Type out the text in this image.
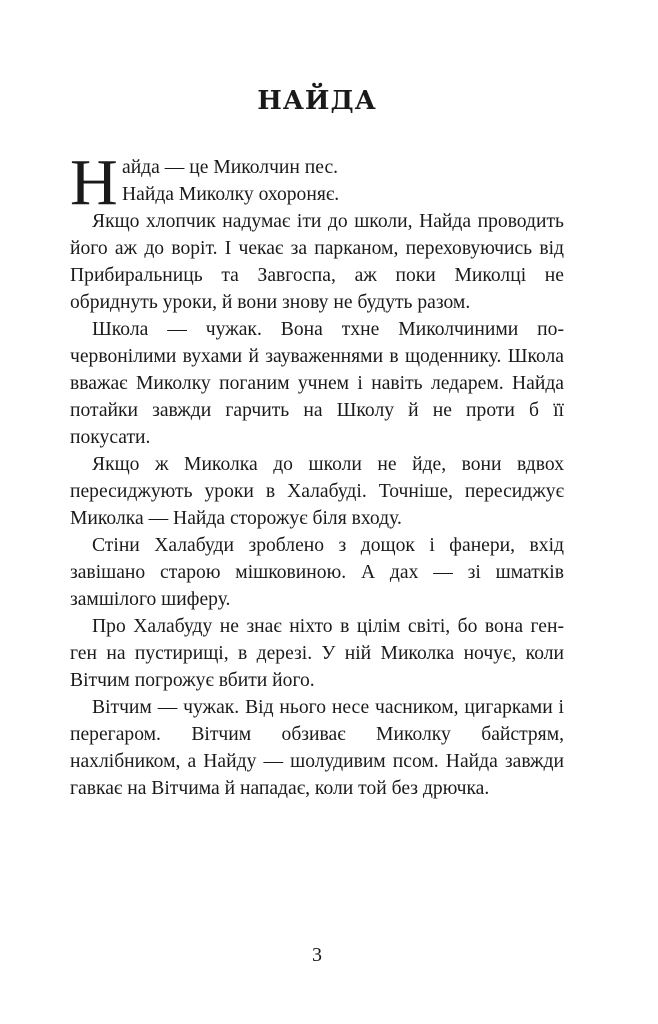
НАЙДА

Н айда — це Миколчин пес.
Найда Миколку охороняє.

Якщо хлопчик надумає іти до школи, Найда проводить його аж до воріт. І чекає за парканом, переховуючись від Прибиральниць та Завгоспа, аж поки Миколці не обриднуть уроки, й вони знову не будуть разом.

Школа — чужак. Вона тхне Миколчиними почервонілими вухами й зауваженнями в щоденнику. Школа вважає Миколку поганим учнем і навіть ледарем. Найда потайки завжди гарчить на Школу й не проти б її покусати.

Якщо ж Миколка до школи не йде, вони вдвох пересиджують уроки в Халабуді. Точніше, пересиджує Миколка — Найда сторожує біля входу.

Стіни Халабуди зроблено з дощок і фанери, вхід завішано старою мішковиною. А дах — зі шматків замшілого шиферу.

Про Халабуду не знає ніхто в цілім світі, бо вона ген-ген на пустирищі, в дерезі. У ній Миколка ночує, коли Вітчим погрожує вбити його.

Вітчим — чужак. Від нього несе часником, цигарками і перегаром. Вітчим обзиває Миколку байстрям, нахлібником, а Найду — шолудивим псом. Найда завжди гавкає на Вітчима й нападає, коли той без дрючка.

3
